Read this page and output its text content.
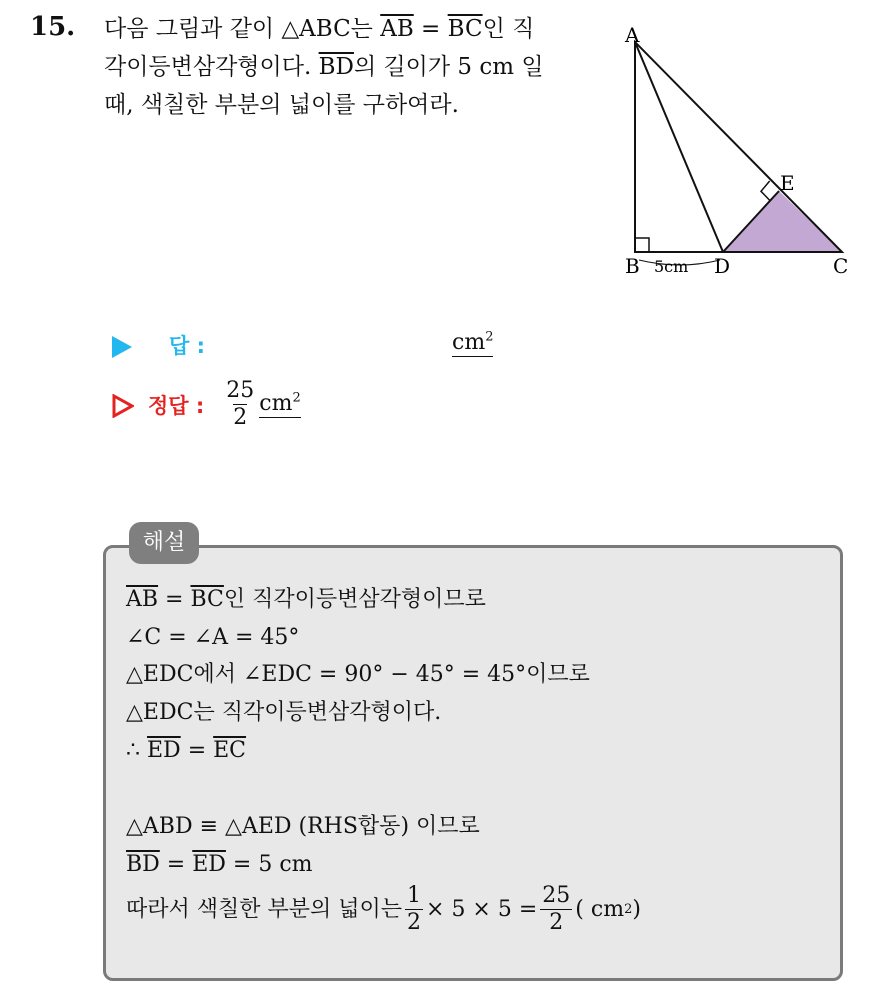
15. 다음 그림과 같이 △ABC는 $\overline{AB} = \overline{BC}$인 직
각이등변삼각형이다. $\overline{BD}$의 길이가 5 cm 일
때, 색칠한 부분의 넓이를 구하여라.
A
B	C
D
E
5cm
답 :	$cm^2$
정답 : $\frac{25}{2} cm^2$
해설
$\overline{AB} = \overline{BC}$인 직각이등변삼각형이므로
∠C = ∠A = 45°
△EDC에서 ∠EDC = 90° − 45° = 45°이므로
△EDC는 직각이등변삼각형이다.
∴ $\overline{ED} = \overline{EC}$
△ABD ≡ △AED (RHS합동) 이므로
$\overline{BD} = \overline{ED} = 5$ cm
따라서 색칠한 부분의 넓이는 $\frac{1}{2} \times 5 \times 5 = \frac{25}{2}$ ( cm 2 )
